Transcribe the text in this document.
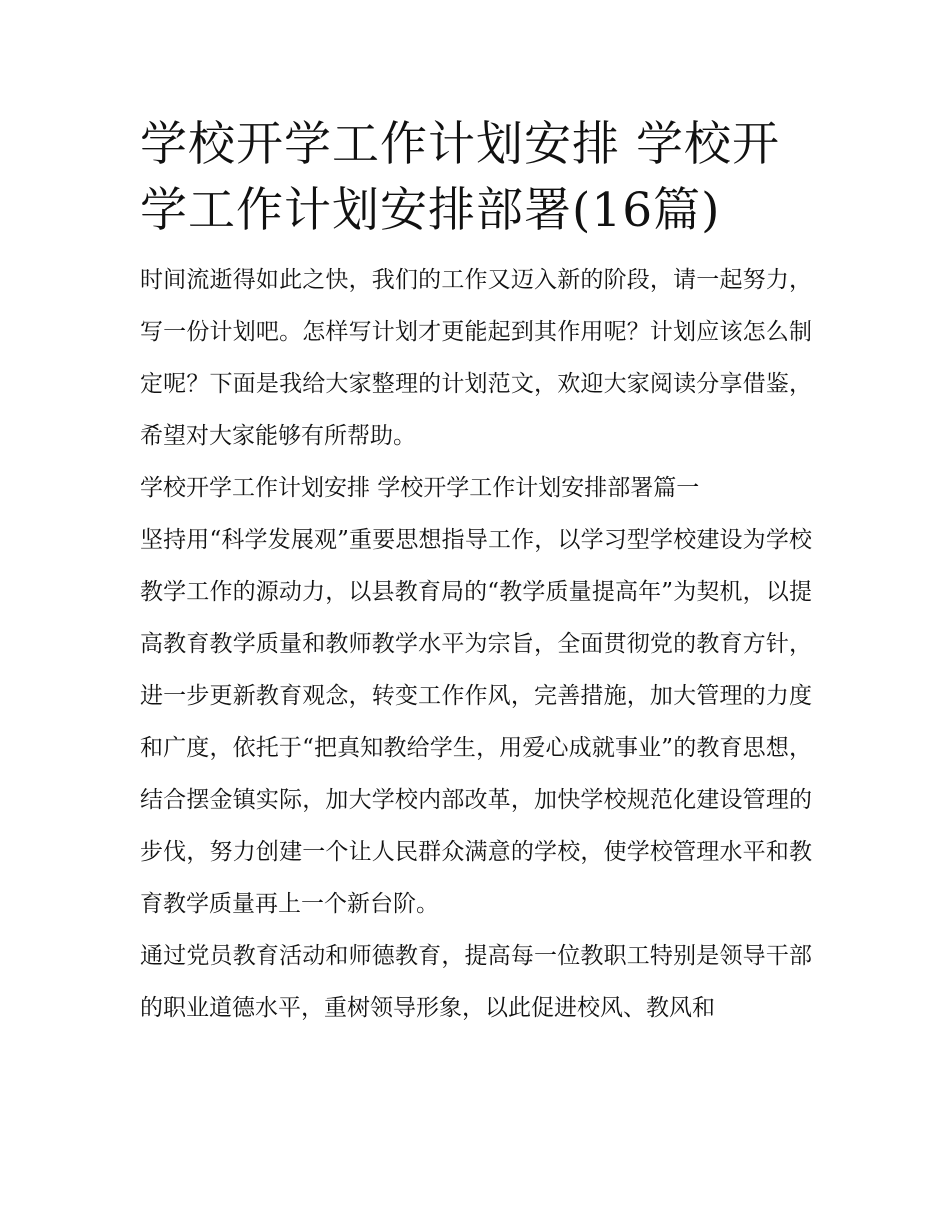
学校开学工作计划安排 学校开学工作计划安排部署(16篇)

时间流逝得如此之快，我们的工作又迈入新的阶段，请一起努力，写一份计划吧。怎样写计划才更能起到其作用呢？计划应该怎么制定呢？下面是我给大家整理的计划范文，欢迎大家阅读分享借鉴，希望对大家能够有所帮助。

学校开学工作计划安排 学校开学工作计划安排部署篇一

坚持用“科学发展观”重要思想指导工作，以学习型学校建设为学校教学工作的源动力，以县教育局的“教学质量提高年”为契机，以提高教育教学质量和教师教学水平为宗旨，全面贯彻党的教育方针，进一步更新教育观念，转变工作作风，完善措施，加大管理的力度和广度，依托于“把真知教给学生，用爱心成就事业”的教育思想，结合摆金镇实际，加大学校内部改革，加快学校规范化建设管理的步伐，努力创建一个让人民群众满意的学校，使学校管理水平和教育教学质量再上一个新台阶。

通过党员教育活动和师德教育，提高每一位教职工特别是领导干部的职业道德水平，重树领导形象，以此促进校风、教风和
